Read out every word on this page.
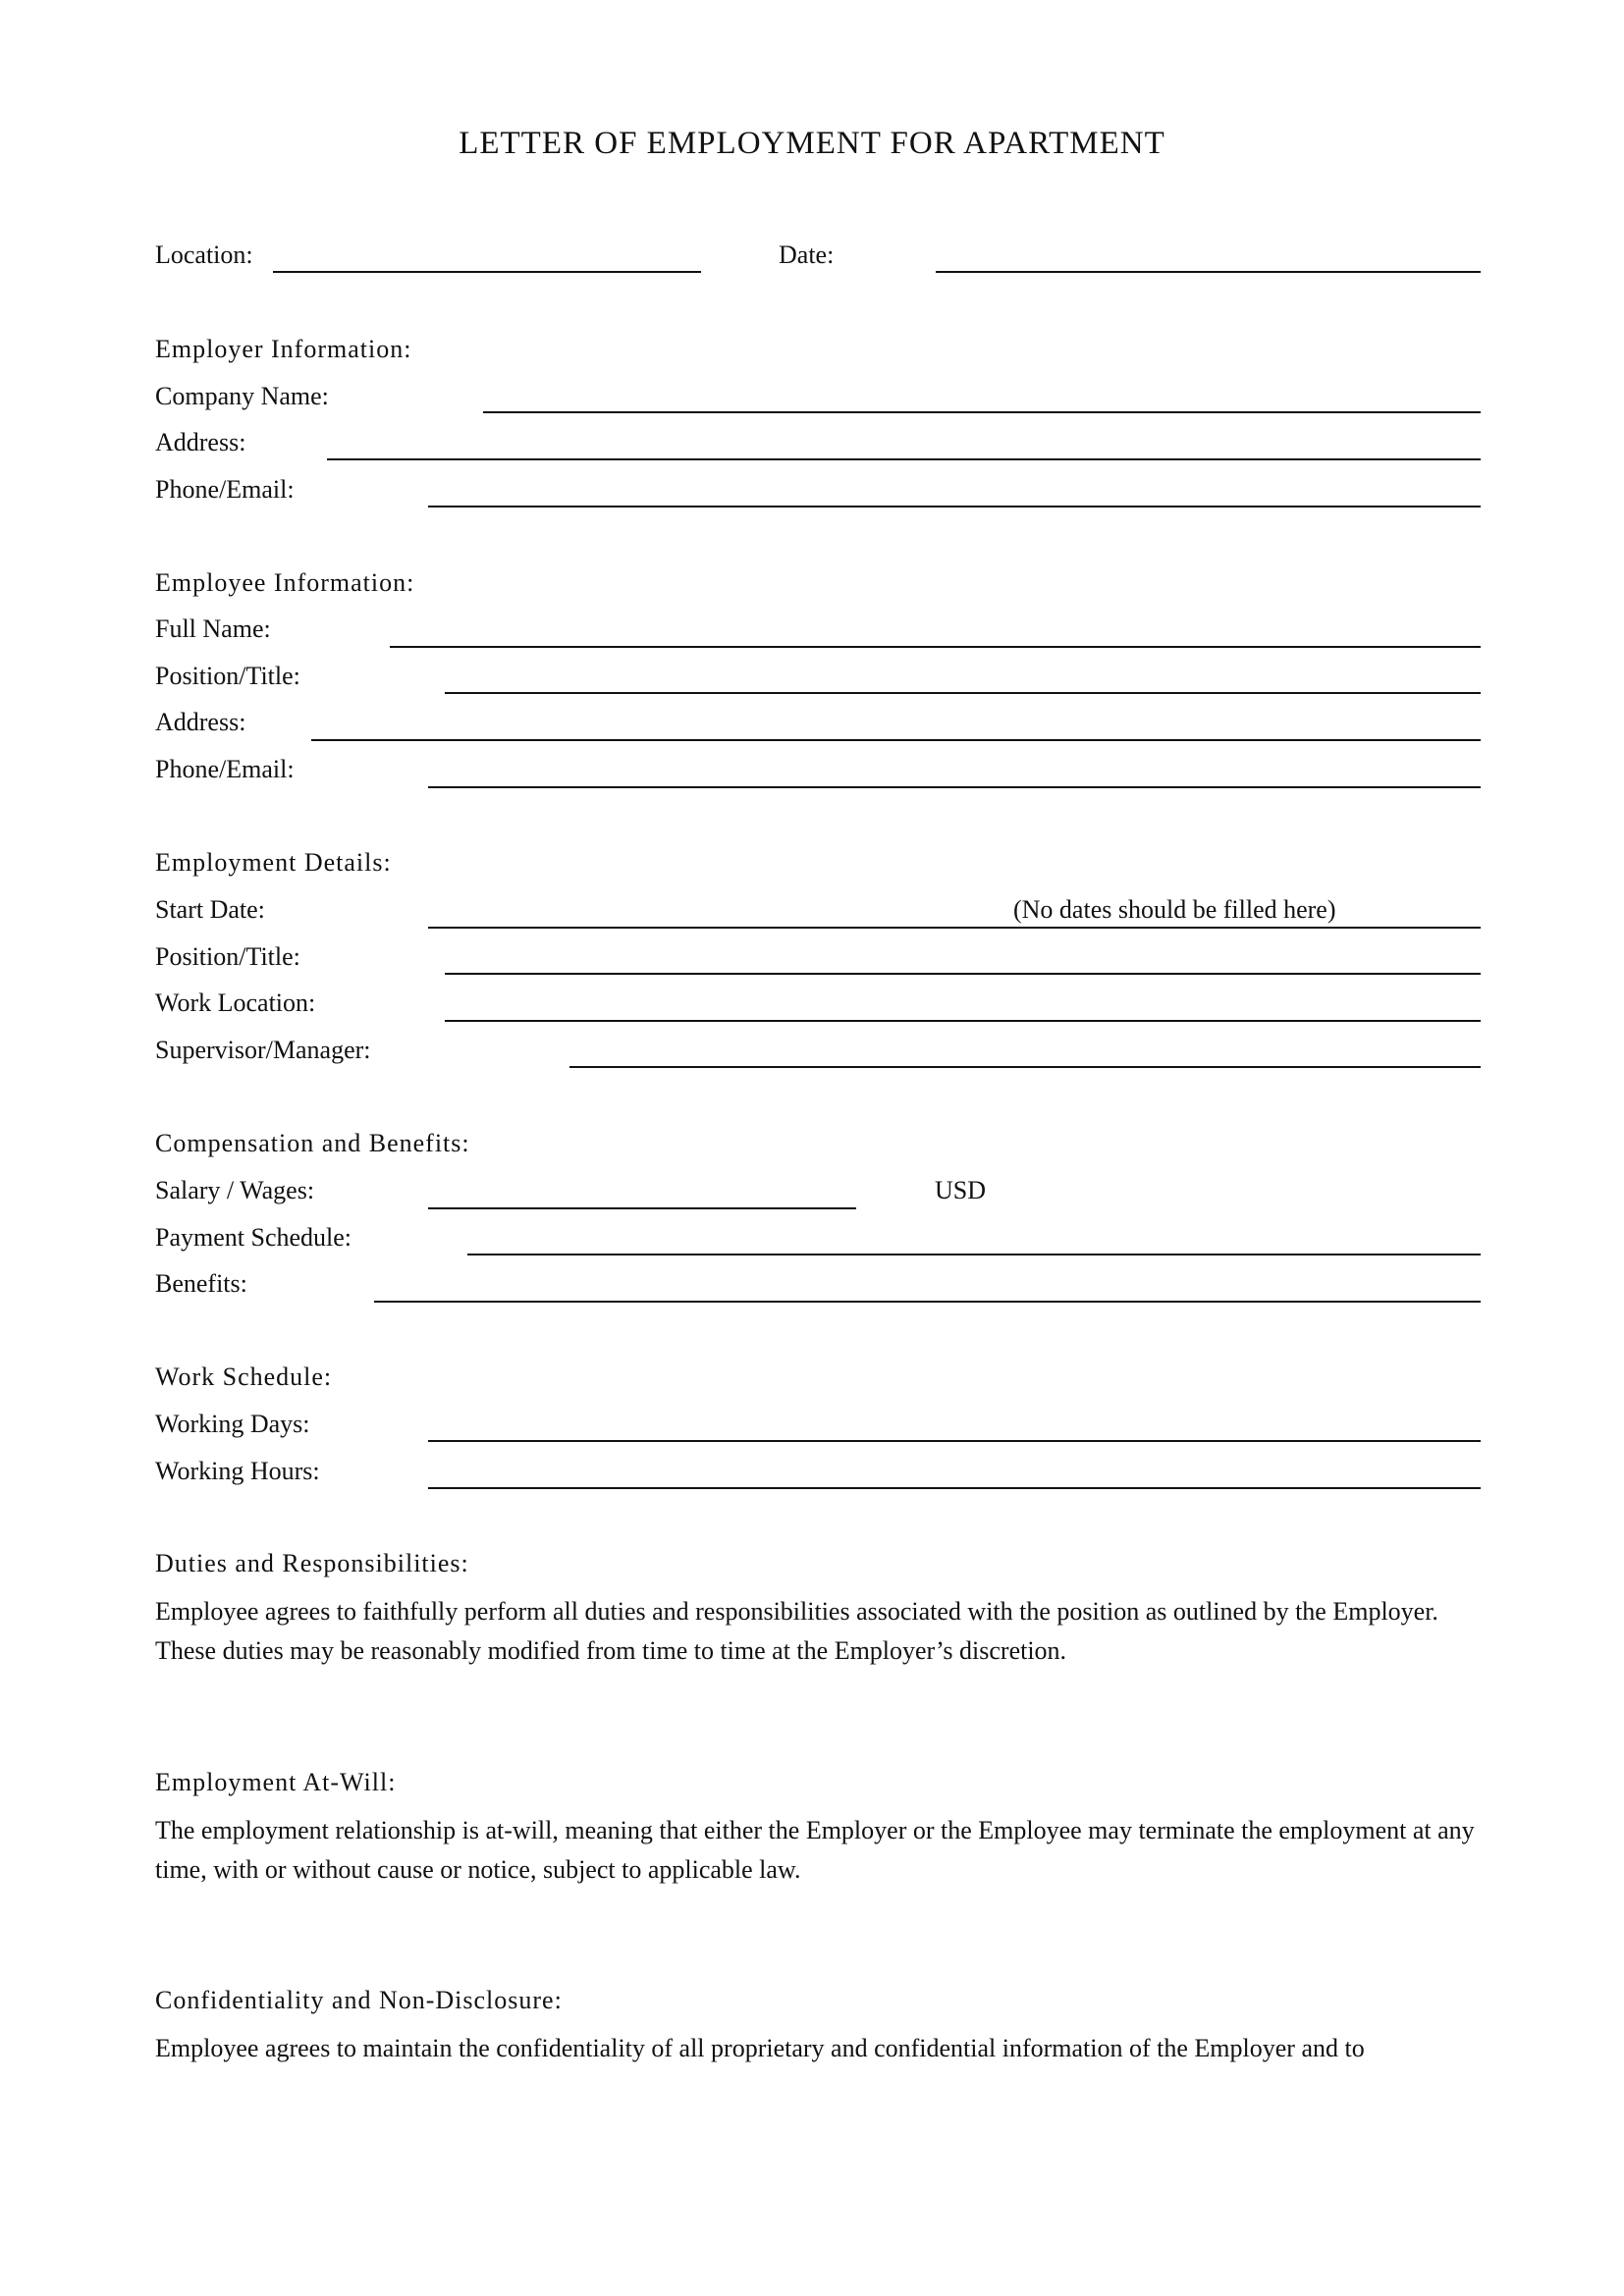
LETTER OF EMPLOYMENT FOR APARTMENT
Location:	Date:
Employer Information:
Company Name:
Address:
Phone/Email:
Employee Information:
Full Name:
Position/Title:
Address:
Phone/Email:
Employment Details:
Start Date:	(No dates should be filled here)
Position/Title:
Work Location:
Supervisor/Manager:
Compensation and Benefits:
Salary / Wages:	USD
Payment Schedule:
Benefits:
Work Schedule:
Working Days:
Working Hours:
Duties and Responsibilities:
Employee agrees to faithfully perform all duties and responsibilities associated with the position as outlined by the Employer. These duties may be reasonably modified from time to time at the Employer’s discretion.
Employment At-Will:
The employment relationship is at-will, meaning that either the Employer or the Employee may terminate the employment at any time, with or without cause or notice, subject to applicable law.
Confidentiality and Non-Disclosure:
Employee agrees to maintain the confidentiality of all proprietary and confidential information of the Employer and to
